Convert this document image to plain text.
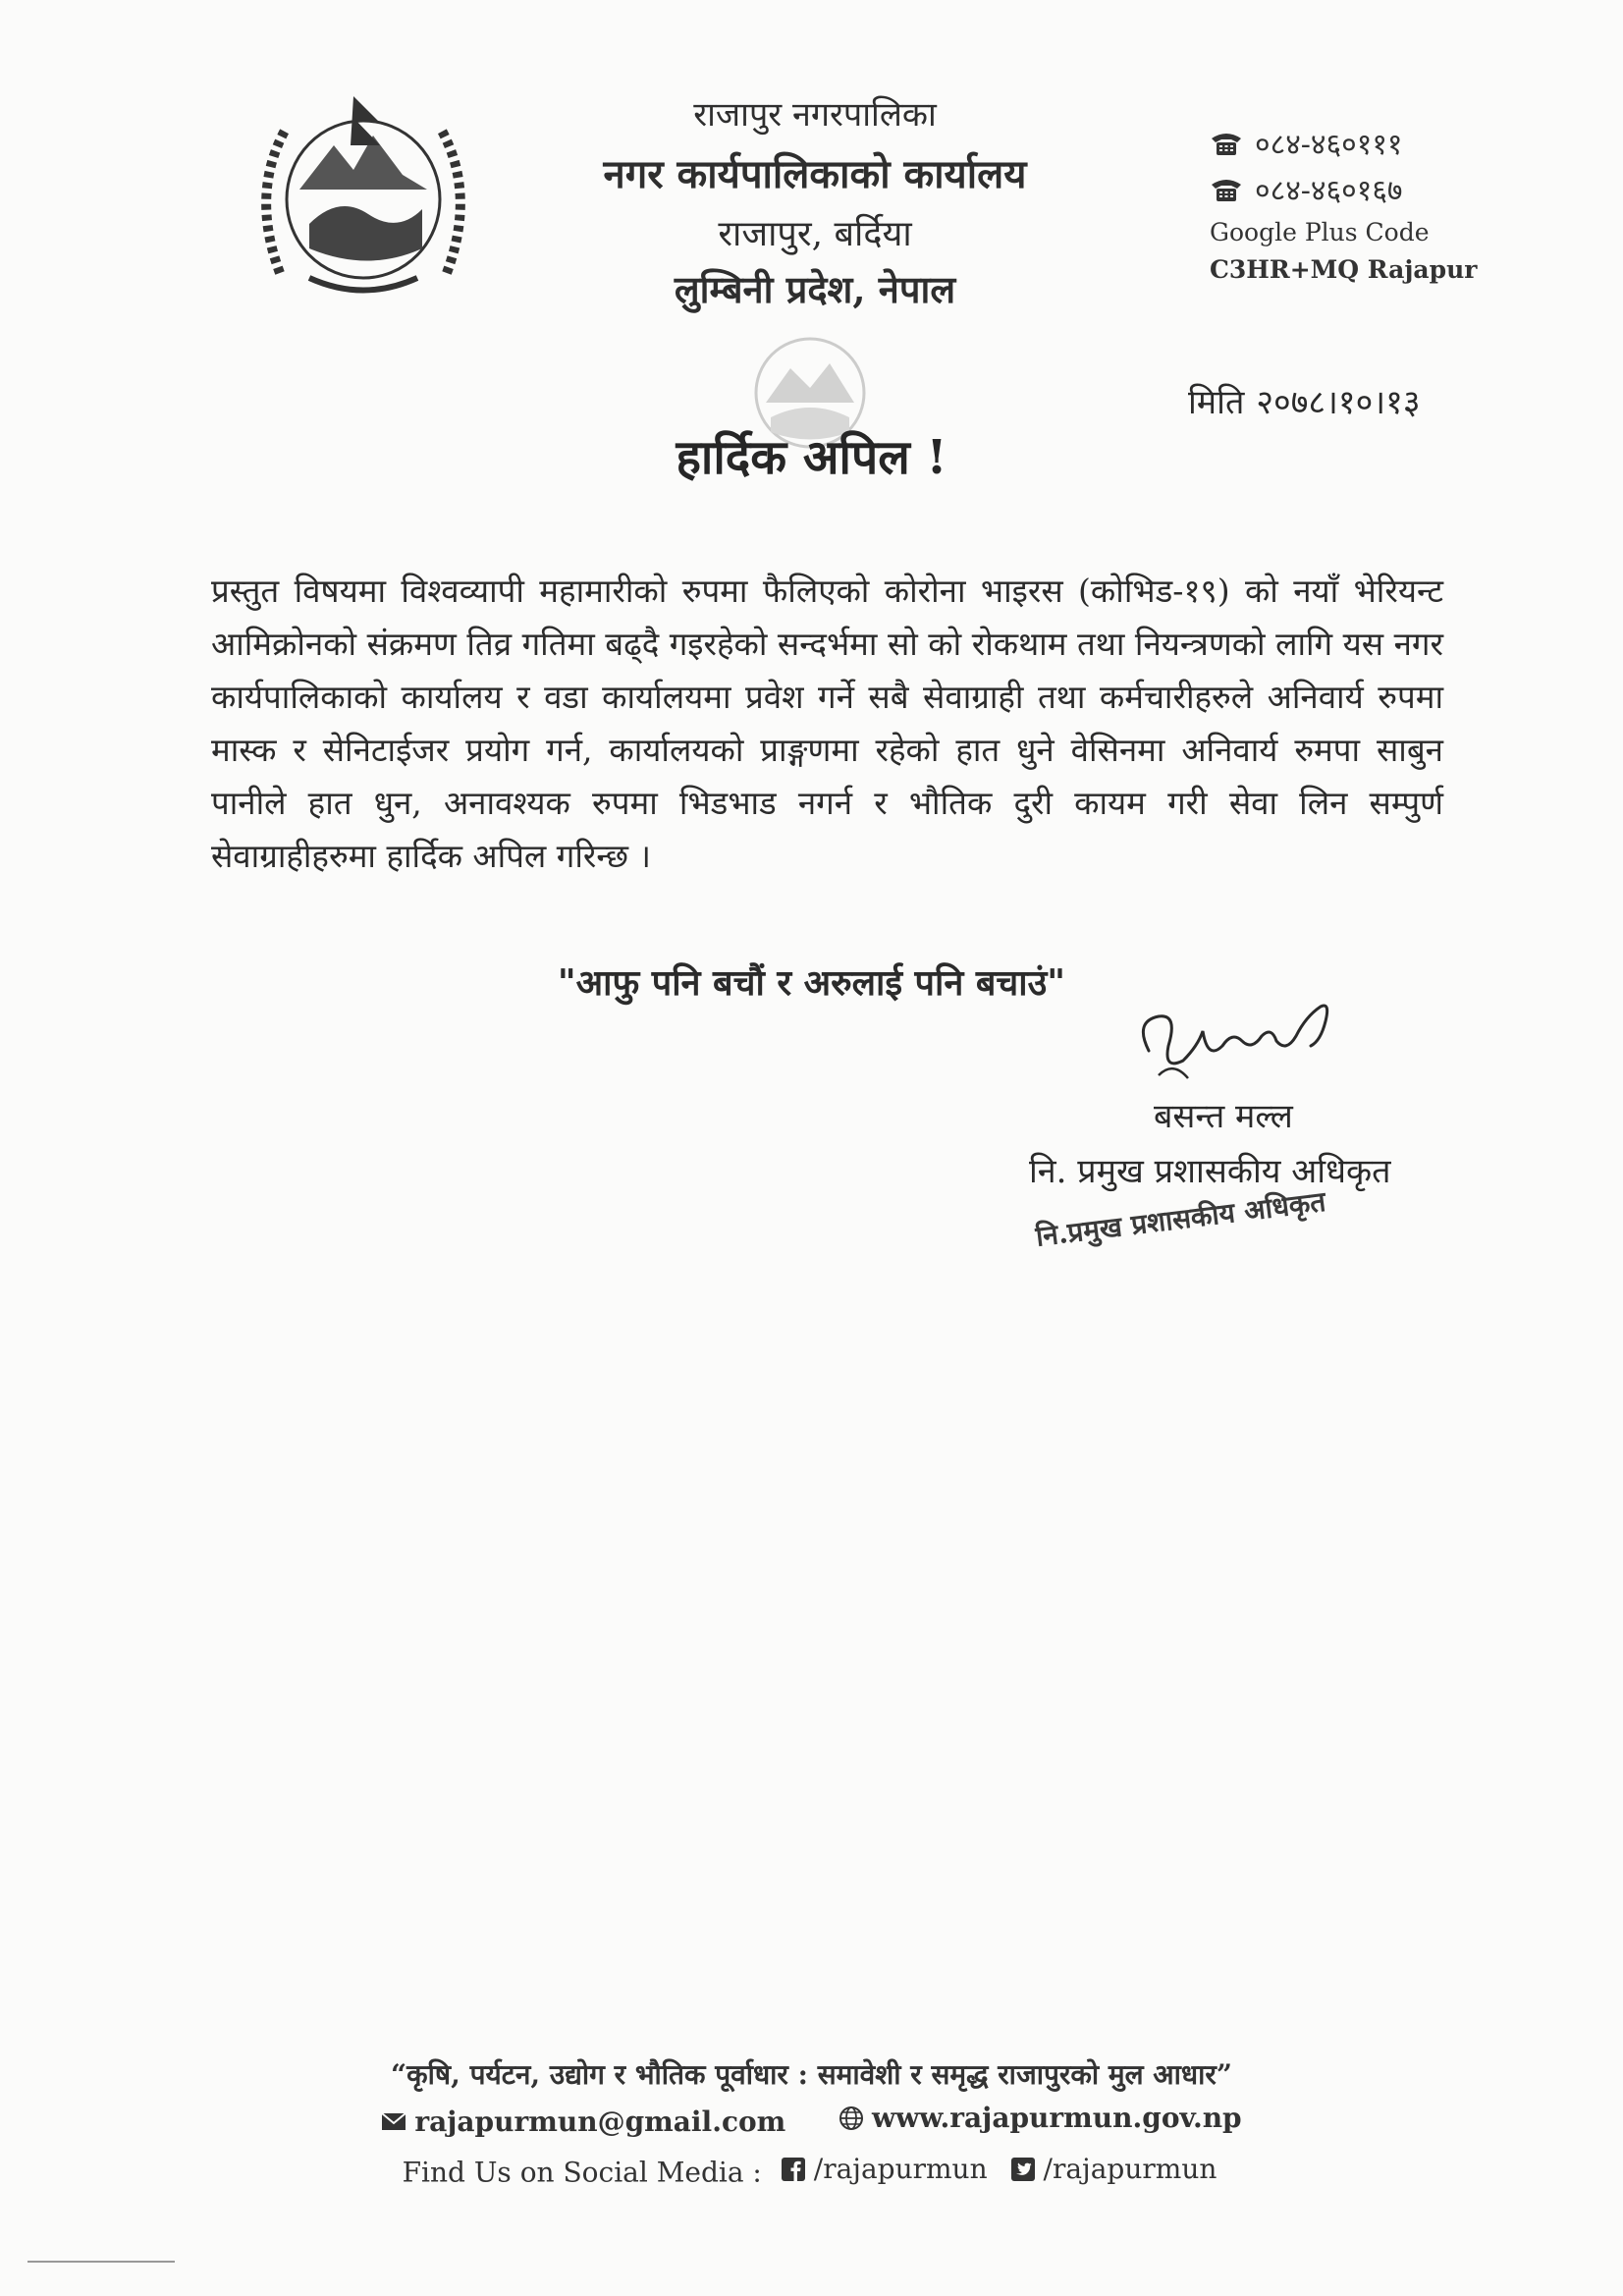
राजापुर नगरपालिका
नगर कार्यपालिकाको कार्यालय
राजापुर, बर्दिया
लुम्बिनी प्रदेश, नेपाल
०८४-४६०१११
०८४-४६०१६७
Google Plus Code
C3HR+MQ Rajapur
मिति २०७८।१०।१३
हार्दिक अपिल !
प्रस्तुत विषयमा विश्वव्यापी महामारीको रुपमा फैलिएको कोरोना भाइरस (कोभिड-१९) को नयाँ भेरियन्ट आमिक्रोनको संक्रमण तिव्र गतिमा बढ्दै गइरहेको सन्दर्भमा सो को रोकथाम तथा नियन्त्रणको लागि यस नगर कार्यपालिकाको कार्यालय र वडा कार्यालयमा प्रवेश गर्ने सबै सेवाग्राही तथा कर्मचारीहरुले अनिवार्य रुपमा मास्क र सेनिटाईजर प्रयोग गर्न, कार्यालयको प्राङ्गणमा रहेको हात धुने वेसिनमा अनिवार्य रुमपा साबुन पानीले हात धुन, अनावश्यक रुपमा भिडभाड नगर्न र भौतिक दुरी कायम गरी सेवा लिन सम्पुर्ण सेवाग्राहीहरुमा हार्दिक अपिल गरिन्छ ।
"आफु पनि बचौं र अरुलाई पनि बचाउं"
बसन्त मल्ल
नि. प्रमुख प्रशासकीय अधिकृत
नि.प्रमुख प्रशासकीय अधिकृत
“कृषि, पर्यटन, उद्योग र भौतिक पूर्वाधार : समावेशी र समृद्ध राजापुरको मुल आधार”
rajapurmun@gmail.com
	www.rajapurmun.gov.np
Find Us on Social Media : /rajapurmun
/rajapurmun
